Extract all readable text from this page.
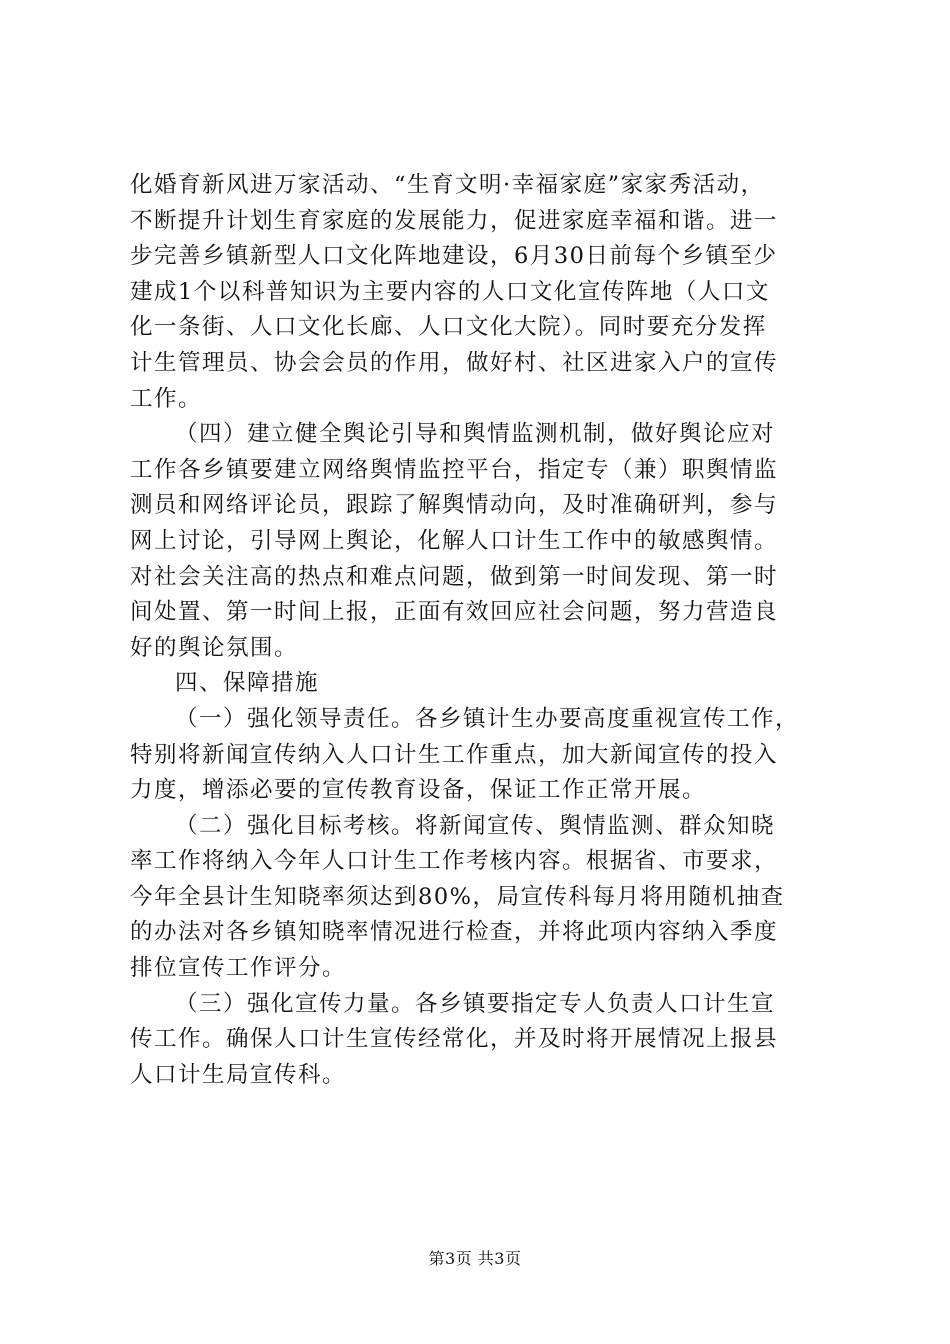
化婚育新风进万家活动、“生育文明·幸福家庭”家家秀活动，
不断提升计划生育家庭的发展能力，促进家庭幸福和谐。进一
步完善乡镇新型人口文化阵地建设，6月30日前每个乡镇至少
建成1个以科普知识为主要内容的人口文化宣传阵地（人口文
化一条街、人口文化长廊、人口文化大院）。同时要充分发挥
计生管理员、协会会员的作用，做好村、社区进家入户的宣传
工作。
（四）建立健全舆论引导和舆情监测机制，做好舆论应对
工作各乡镇要建立网络舆情监控平台，指定专（兼）职舆情监
测员和网络评论员，跟踪了解舆情动向，及时准确研判，参与
网上讨论，引导网上舆论，化解人口计生工作中的敏感舆情。
对社会关注高的热点和难点问题，做到第一时间发现、第一时
间处置、第一时间上报，正面有效回应社会问题，努力营造良
好的舆论氛围。
四、保障措施
（一）强化领导责任。各乡镇计生办要高度重视宣传工作，
特别将新闻宣传纳入人口计生工作重点，加大新闻宣传的投入
力度，增添必要的宣传教育设备，保证工作正常开展。
（二）强化目标考核。将新闻宣传、舆情监测、群众知晓
率工作将纳入今年人口计生工作考核内容。根据省、市要求，
今年全县计生知晓率须达到80%，局宣传科每月将用随机抽查
的办法对各乡镇知晓率情况进行检查，并将此项内容纳入季度
排位宣传工作评分。
（三）强化宣传力量。各乡镇要指定专人负责人口计生宣
传工作。确保人口计生宣传经常化，并及时将开展情况上报县
人口计生局宣传科。
第3页 共3页
